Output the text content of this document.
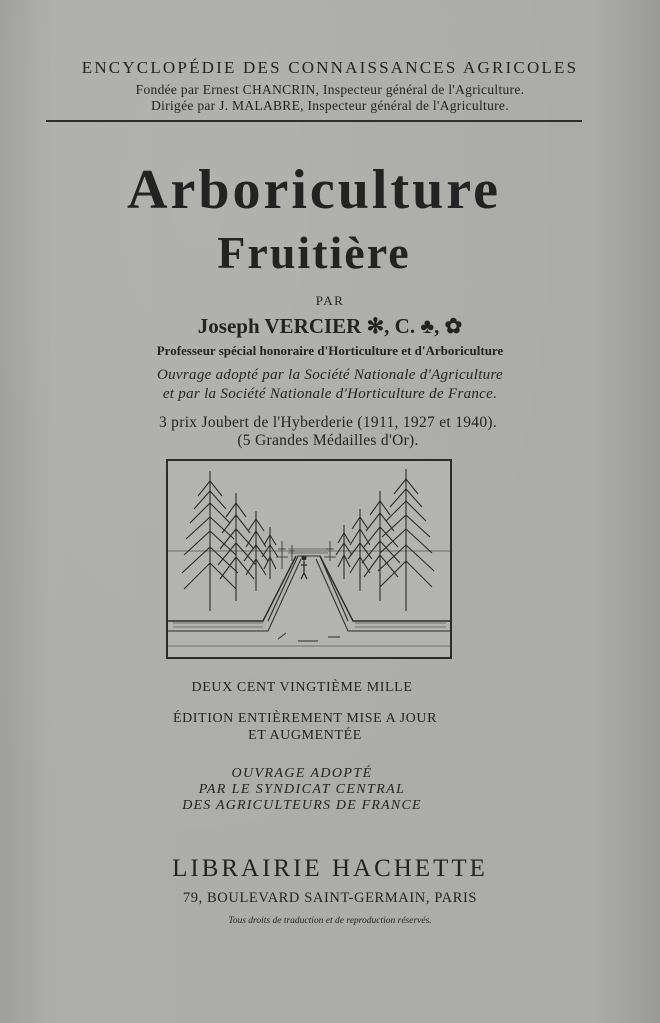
ENCYCLOPÉDIE DES CONNAISSANCES AGRICOLES
Fondée par Ernest CHANCRIN, Inspecteur général de l'Agriculture.
Dirigée par J. MALABRE, Inspecteur général de l'Agriculture.
Arboriculture
Fruitière
PAR
Joseph VERCIER ✻, C. ♣, ✿
Professeur spécial honoraire d'Horticulture et d'Arboriculture
Ouvrage adopté par la Société Nationale d'Agriculture
et par la Société Nationale d'Horticulture de France.
3 prix Joubert de l'Hyberderie (1911, 1927 et 1940).
(5 Grandes Médailles d'Or).
DEUX CENT VINGTIÈME MILLE
ÉDITION ENTIÈREMENT MISE A JOUR
ET AUGMENTÉE
OUVRAGE ADOPTÉ
PAR LE SYNDICAT CENTRAL
DES AGRICULTEURS DE FRANCE
LIBRAIRIE HACHETTE
79, BOULEVARD SAINT-GERMAIN, PARIS
Tous droits de traduction et de reproduction réservés.
